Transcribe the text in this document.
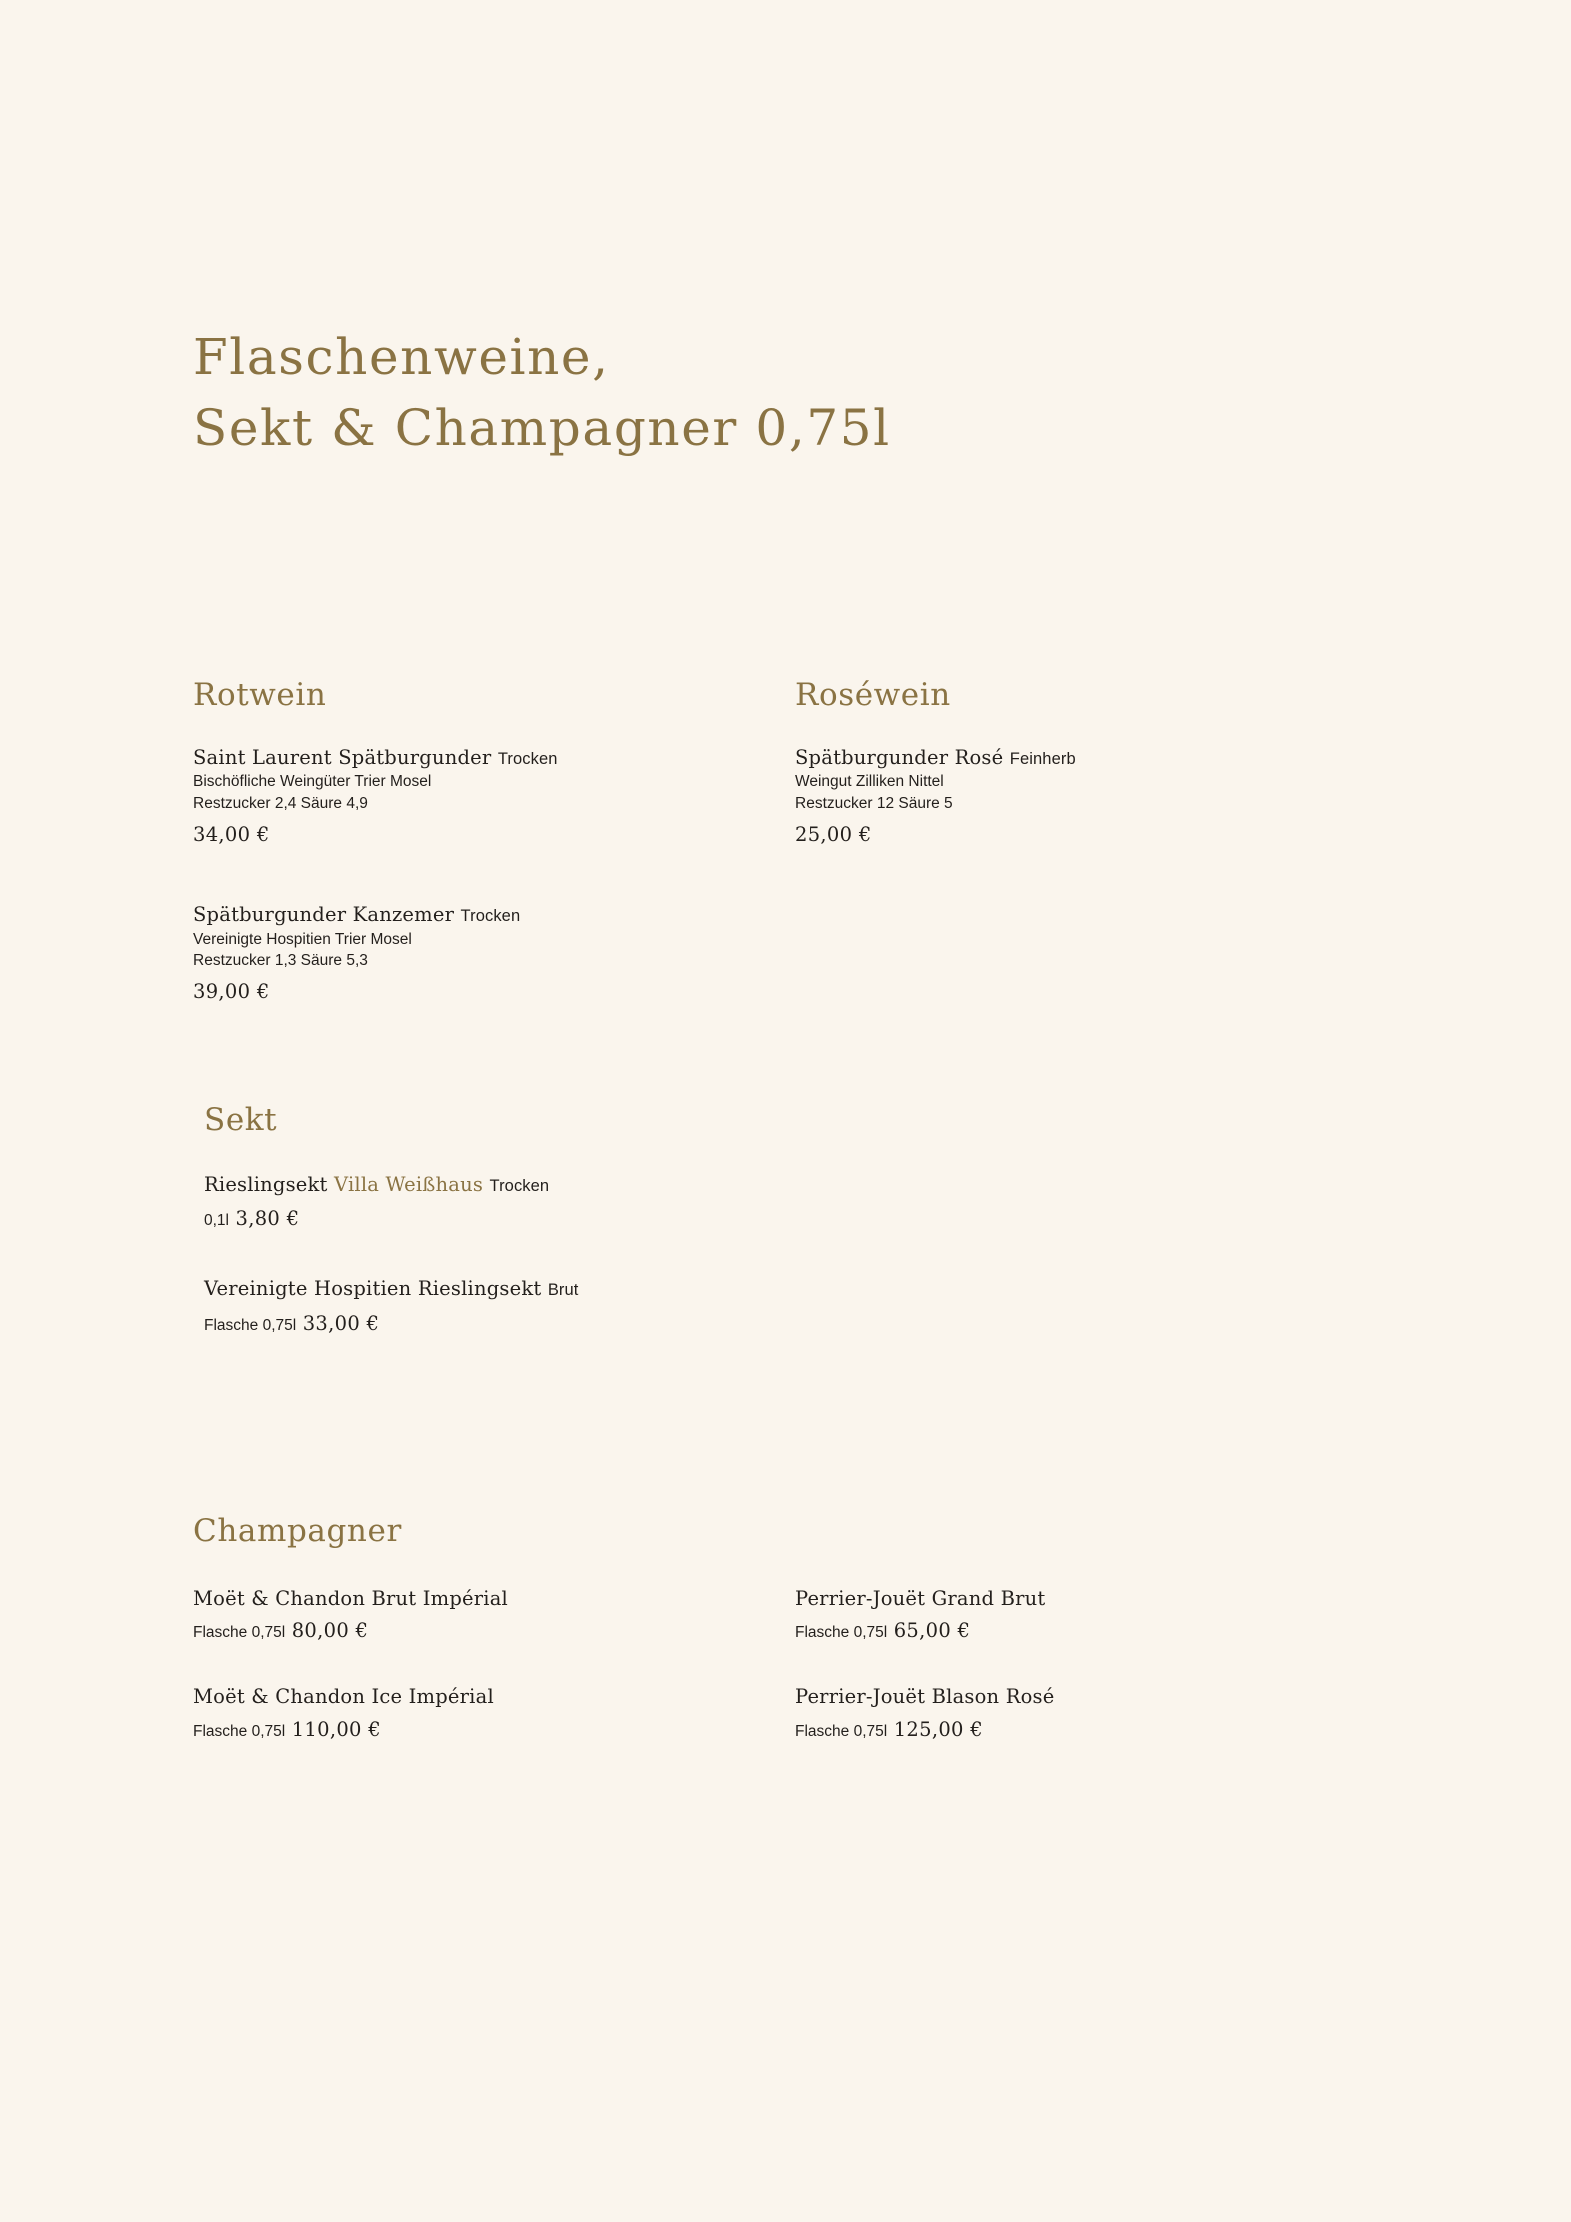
Flaschenweine,
Sekt & Champagner 0,75l
Rotwein	Roséwein
Saint Laurent Spätburgunder Trocken
Bischöfliche Weingüter Trier Mosel
Restzucker 2,4 Säure 4,9
34,00 €
Spätburgunder Kanzemer Trocken
Vereinigte Hospitien Trier Mosel
Restzucker 1,3 Säure 5,3
39,00 €
Spätburgunder Rosé Feinherb
Weingut Zilliken Nittel
Restzucker 12 Säure 5
25,00 €
Sekt
Rieslingsekt Villa Weißhaus Trocken
0,1l 3,80 €
Vereinigte Hospitien Rieslingsekt Brut
Flasche 0,75l 33,00 €
Champagner
Moët & Chandon Brut Impérial
Flasche 0,75l 80,00 €
Moët & Chandon Ice Impérial
Flasche 0,75l 110,00 €
Perrier-Jouët Grand Brut
Flasche 0,75l 65,00 €
Perrier-Jouët Blason Rosé
Flasche 0,75l 125,00 €
